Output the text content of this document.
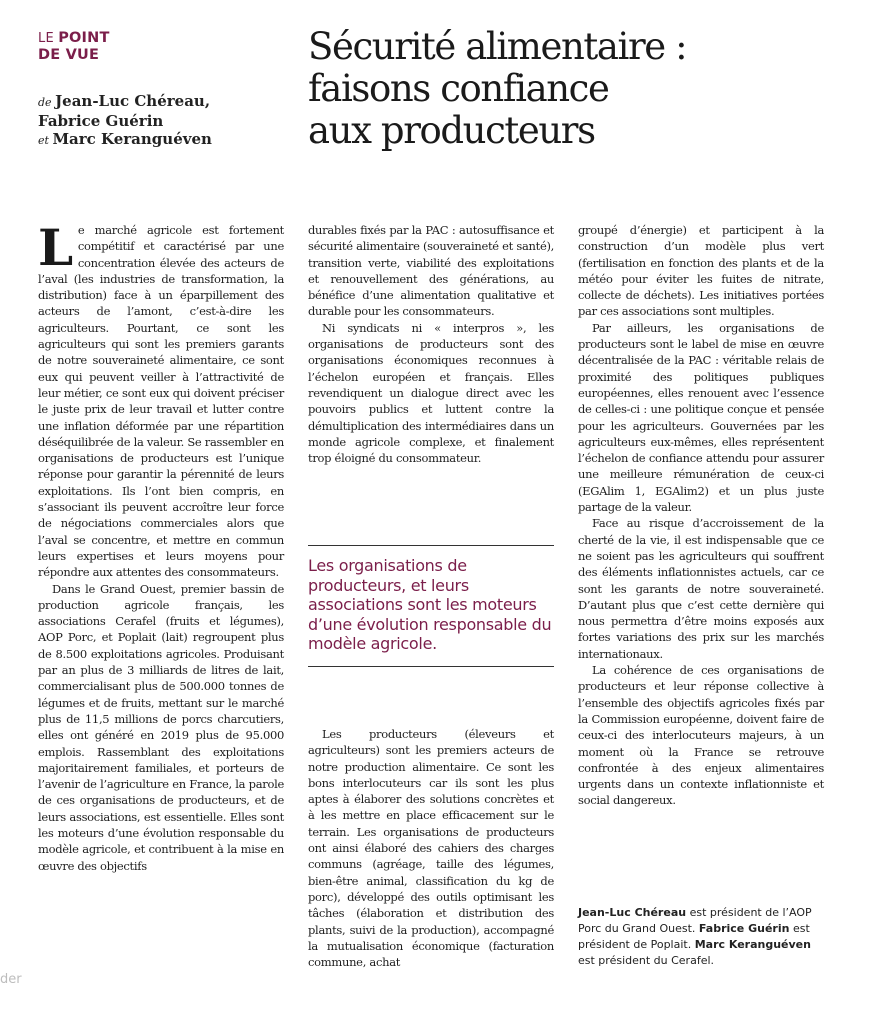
LE POINT
DE VUE
de Jean-Luc Chéreau,
Fabrice Guérin
et Marc Keranguéven
Sécurité alimentaire :
faisons confiance
aux producteurs

Le marché agricole est fortement compétitif et caractérisé par une concentration élevée des acteurs de l’aval (les industries de transformation, la distribution) face à un éparpillement des acteurs de l’amont, c’est-à-dire les agriculteurs. Pourtant, ce sont les agriculteurs qui sont les premiers garants de notre souveraineté alimentaire, ce sont eux qui peuvent veiller à l’attractivité de leur métier, ce sont eux qui doivent préciser le juste prix de leur travail et lutter contre une inflation déformée par une répartition déséquilibrée de la valeur. Se rassembler en organisations de producteurs est l’unique réponse pour garantir la pérennité de leurs exploitations. Ils l’ont bien compris, en s’associant ils peuvent accroître leur force de négociations commerciales alors que l’aval se concentre, et mettre en commun leurs expertises et leurs moyens pour répondre aux attentes des consommateurs.

Dans le Grand Ouest, premier bassin de production agricole français, les associations Cerafel (fruits et légumes), AOP Porc, et Poplait (lait) regroupent plus de 8.500 exploitations agricoles. Produisant par an plus de 3 milliards de litres de lait, commercialisant plus de 500.000 tonnes de légumes et de fruits, mettant sur le marché plus de 11,5 millions de porcs charcutiers, elles ont généré en 2019 plus de 95.000 emplois. Rassemblant des exploitations majoritairement familiales, et porteurs de l’avenir de l’agriculture en France, la parole de ces organisations de producteurs, et de leurs associations, est essentielle. Elles sont les moteurs d’une évolution responsable du modèle agricole, et contribuent à la mise en œuvre des objectifs

durables fixés par la PAC : autosuffisance et sécurité alimentaire (souveraineté et santé), transition verte, viabilité des exploitations et renouvellement des générations, au bénéfice d’une alimentation qualitative et durable pour les consommateurs.

Ni syndicats ni « interpros », les organisations de producteurs sont des organisations économiques reconnues à l’échelon européen et français. Elles revendiquent un dialogue direct avec les pouvoirs publics et luttent contre la démultiplication des intermédiaires dans un monde agricole complexe, et finalement trop éloigné du consommateur.

Les organisations de producteurs, et leurs associations sont les moteurs d’une évolution responsable du modèle agricole.

Les producteurs (éleveurs et agriculteurs) sont les premiers acteurs de notre production alimentaire. Ce sont les bons interlocuteurs car ils sont les plus aptes à élaborer des solutions concrètes et à les mettre en place efficacement sur le terrain. Les organisations de producteurs ont ainsi élaboré des cahiers des charges communs (agréage, taille des légumes, bien-être animal, classification du kg de porc), développé des outils optimisant les tâches (élaboration et distribution des plants, suivi de la production), accompagné la mutualisation économique (facturation commune, achat

groupé d’énergie) et participent à la construction d’un modèle plus vert (fertilisation en fonction des plants et de la météo pour éviter les fuites de nitrate, collecte de déchets). Les initiatives portées par ces associations sont multiples.

Par ailleurs, les organisations de producteurs sont le label de mise en œuvre décentralisée de la PAC : véritable relais de proximité des politiques publiques européennes, elles renouent avec l’essence de celles-ci : une politique conçue et pensée pour les agriculteurs. Gouvernées par les agriculteurs eux-mêmes, elles représentent l’échelon de confiance attendu pour assurer une meilleure rémunération de ceux-ci (EGAlim 1, EGAlim2) et un plus juste partage de la valeur.

Face au risque d’accroissement de la cherté de la vie, il est indispensable que ce ne soient pas les agriculteurs qui souffrent des éléments inflationnistes actuels, car ce sont les garants de notre souveraineté. D’autant plus que c’est cette dernière qui nous permettra d’être moins exposés aux fortes variations des prix sur les marchés internationaux.

La cohérence de ces organisations de producteurs et leur réponse collective à l’ensemble des objectifs agricoles fixés par la Commission européenne, doivent faire de ceux-ci des interlocuteurs majeurs, à un moment où la France se retrouve confrontée à des enjeux alimentaires urgents dans un contexte inflationniste et social dangereux.

Jean-Luc Chéreau est président de l’AOP Porc du Grand Ouest. Fabrice Guérin est président de Poplait. Marc Keranguéven est président du Cerafel.

der
